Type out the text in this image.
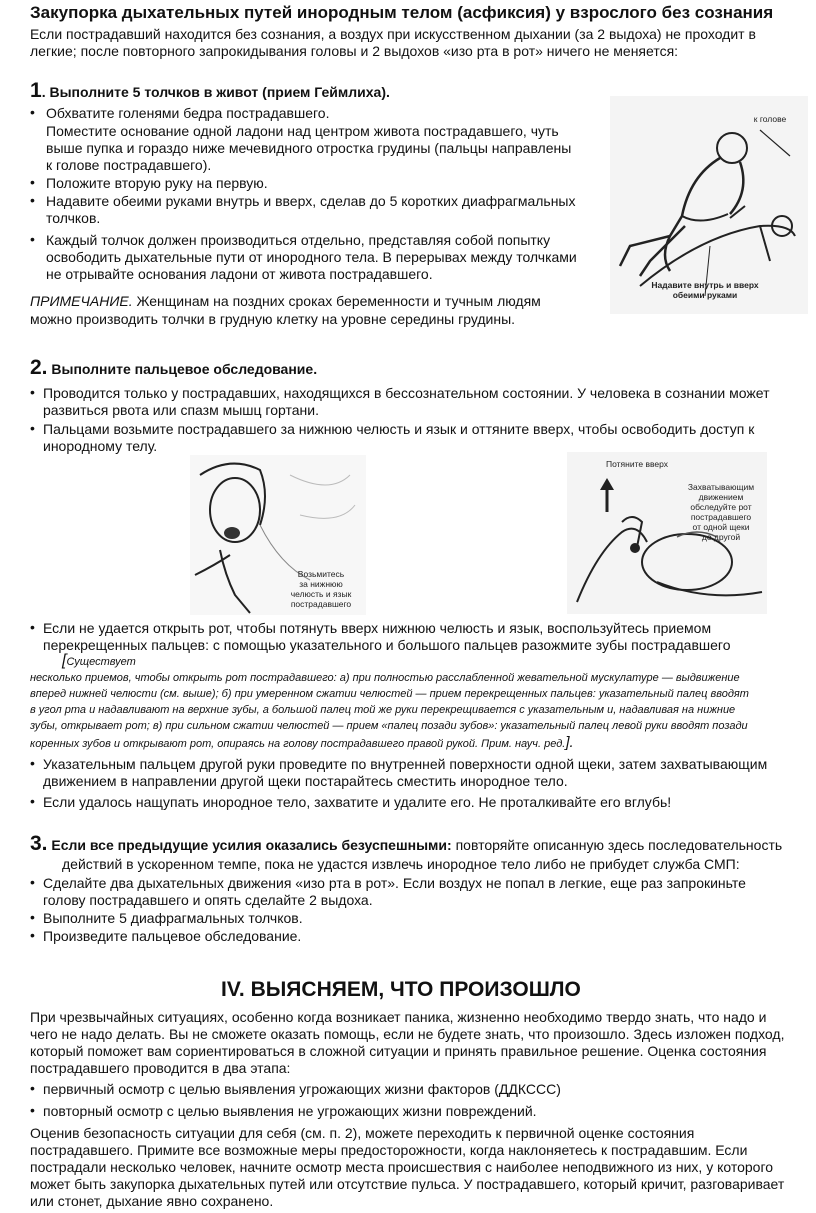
Закупорка дыхательных путей инородным телом (асфиксия) у взрослого без сознания
Если пострадавший находится без сознания, а воздух при искусственном дыхании (за 2 выдоха) не проходит в
легкие; после повторного запрокидывания головы и 2 выдохов «изо рта в рот» ничего не меняется:
1. Выполните 5 толчков в живот (прием Геймлиха).
• Обхватите голенями бедра пострадавшего.
Поместите основание одной ладони над центром живота пострадавшего, чуть
выше пупка и гораздо ниже мечевидного отростка грудины (пальцы направлены
к голове пострадавшего).
• Положите вторую руку на первую.
• Надавите обеими руками внутрь и вверх, сделав до 5 коротких диафрагмальных
толчков.
• Каждый толчок должен производиться отдельно, представляя собой попытку
освободить дыхательные пути от инородного тела. В перерывах между толчками
не отрывайте основания ладони от живота пострадавшего.
ПРИМЕЧАНИЕ. Женщинам на поздних сроках беременности и тучным людям
можно производить толчки в грудную клетку на уровне середины грудины.
к голове
Надавите внутрь и вверх
обеими руками
2. Выполните пальцевое обследование.
• Проводится только у пострадавших, находящихся в бессознательном состоянии. У человека в сознании может
развиться рвота или спазм мышц гортани.
• Пальцами возьмите пострадавшего за нижнюю челюсть и язык и оттяните вверх, чтобы освободить доступ к
инородному телу.
Возьмитесь
за нижнюю
челюсть и язык
пострадавшего
Потяните вверх
Захватывающим
движением
обследуйте рот
пострадавшего
от одной щеки
до другой
• Если не удается открыть рот, чтобы потянуть вверх нижнюю челюсть и язык, воспользуйтесь приемом
перекрещенных пальцев: с помощью указательного и большого пальцев разожмите зубы пострадавшего
[Существует
несколько приемов, чтобы открыть рот пострадавшего: а) при полностью расслабленной жевательной мускулатуре — выдвижение
вперед нижней челюсти (см. выше); б) при умеренном сжатии челюстей — прием перекрещенных пальцев: указательный палец вводят
в угол рта и надавливают на верхние зубы, а большой палец той же руки перекрещивается с указательным и, надавливая на нижние
зубы, открывает рот; в) при сильном сжатии челюстей — прием «палец позади зубов»: указательный палец левой руки вводят позади
коренных зубов и открывают рот, опираясь на голову пострадавшего правой рукой. Прим. науч. ред.].
• Указательным пальцем другой руки проведите по внутренней поверхности одной щеки, затем захватывающим
движением в направлении другой щеки постарайтесь сместить инородное тело.
• Если удалось нащупать инородное тело, захватите и удалите его. Не проталкивайте его вглубь!
3. Если все предыдущие усилия оказались безуспешными: повторяйте описанную здесь последовательность
действий в ускоренном темпе, пока не удастся извлечь инородное тело либо не прибудет служба СМП:
• Сделайте два дыхательных движения «изо рта в рот». Если воздух не попал в легкие, еще раз запрокиньте
голову пострадавшего и опять сделайте 2 выдоха.
• Выполните 5 диафрагмальных толчков.
• Произведите пальцевое обследование.
IV. ВЫЯСНЯЕМ, ЧТО ПРОИЗОШЛО
При чрезвычайных ситуациях, особенно когда возникает паника, жизненно необходимо твердо знать, что надо и
чего не надо делать. Вы не сможете оказать помощь, если не будете знать, что произошло. Здесь изложен подход,
который поможет вам сориентироваться в сложной ситуации и принять правильное решение. Оценка состояния
пострадавшего проводится в два этапа:
• первичный осмотр с целью выявления угрожающих жизни факторов (ДДКССС)
• повторный осмотр с целью выявления не угрожающих жизни повреждений.
Оценив безопасность ситуации для себя (см. п. 2), можете переходить к первичной оценке состояния
пострадавшего. Примите все возможные меры предосторожности, когда наклоняетесь к пострадавшим. Если
пострадали несколько человек, начните осмотр места происшествия с наиболее неподвижного из них, у которого
может быть закупорка дыхательных путей или отсутствие пульса. У пострадавшего, который кричит, разговаривает
или стонет, дыхание явно сохранено.
